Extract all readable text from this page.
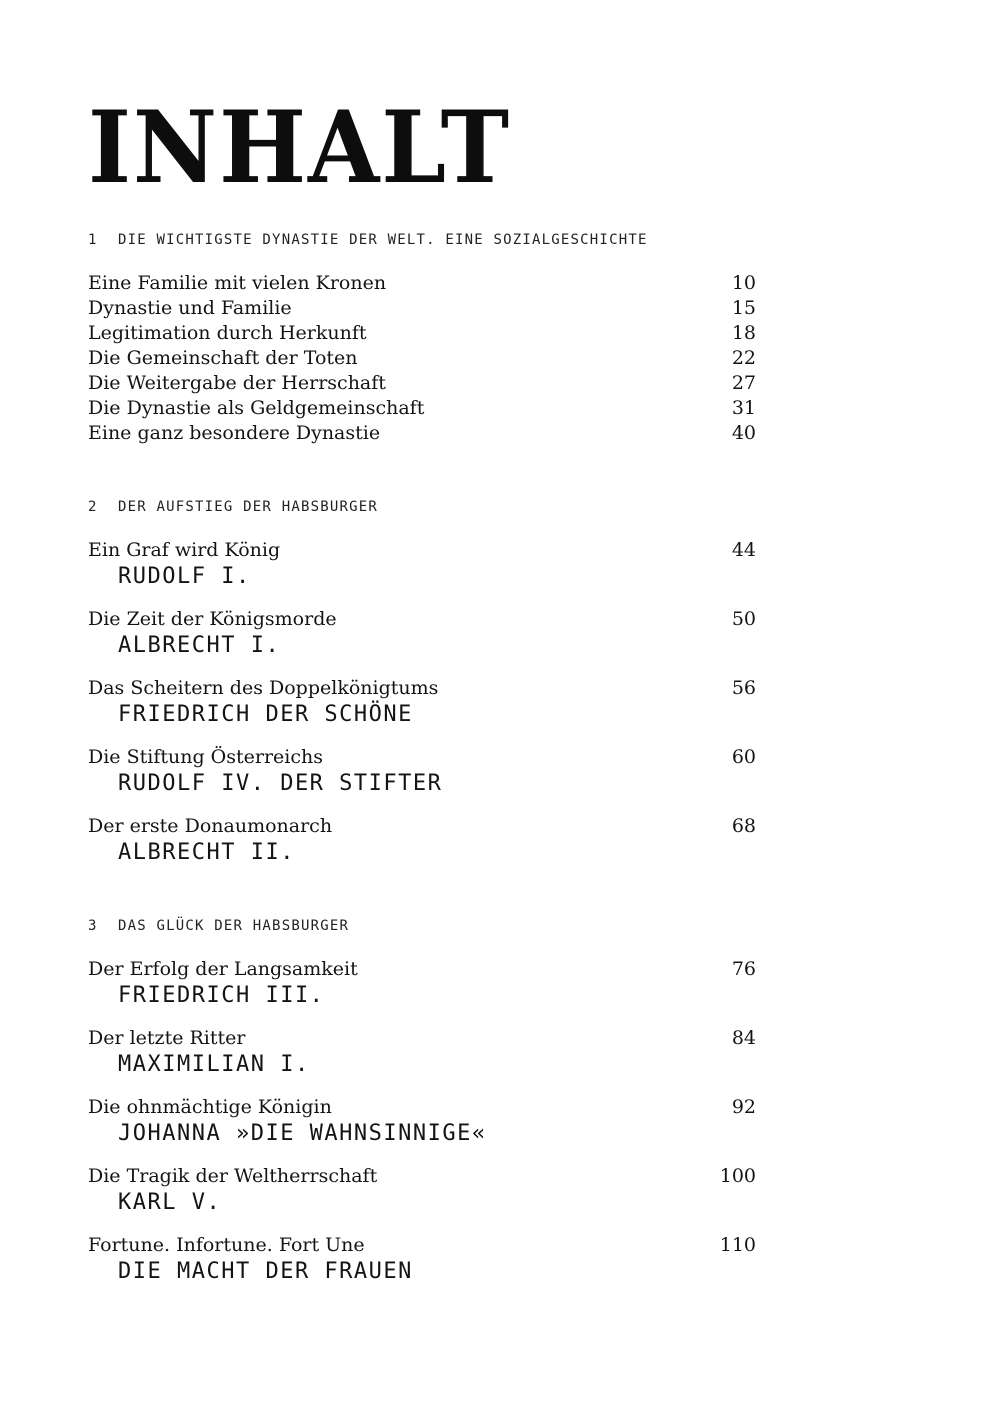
INHALT
1 DIE WICHTIGSTE DYNASTIE DER WELT. EINE SOZIALGESCHICHTE
Eine Familie mit vielen Kronen	10
Dynastie und Familie	15
Legitimation durch Herkunft	18
Die Gemeinschaft der Toten	22
Die Weitergabe der Herrschaft	27
Die Dynastie als Geldgemeinschaft	31
Eine ganz besondere Dynastie	40
2 DER AUFSTIEG DER HABSBURGER
Ein Graf wird König	44
RUDOLF I.
Die Zeit der Königsmorde	50
ALBRECHT I.
Das Scheitern des Doppelkönigtums	56
FRIEDRICH DER SCHÖNE
Die Stiftung Österreichs	60
RUDOLF IV. DER STIFTER
Der erste Donaumonarch	68
ALBRECHT II.
3 DAS GLÜCK DER HABSBURGER
Der Erfolg der Langsamkeit	76
FRIEDRICH III.
Der letzte Ritter	84
MAXIMILIAN I.
Die ohnmächtige Königin	92
JOHANNA »DIE WAHNSINNIGE«
Die Tragik der Weltherrschaft	100
KARL V.
Fortune. Infortune. Fort Une	110
DIE MACHT DER FRAUEN
